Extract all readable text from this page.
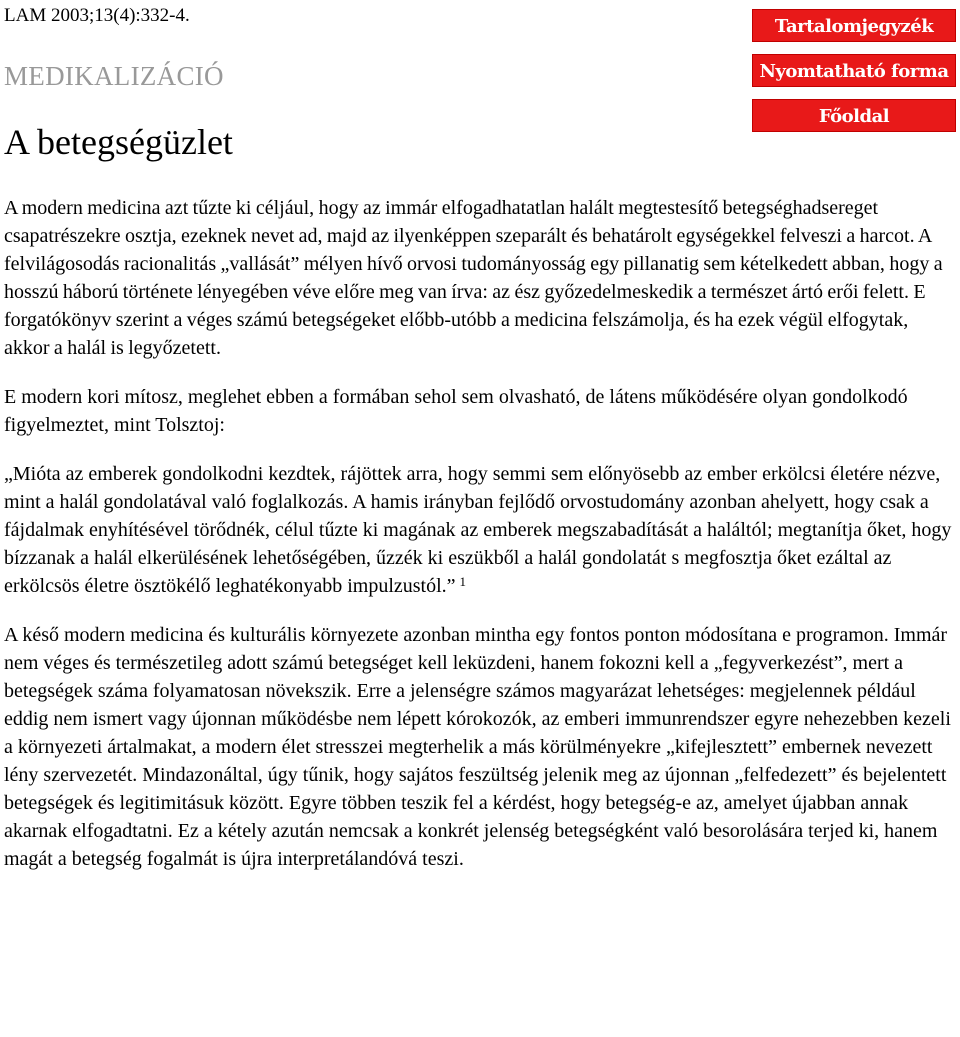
LAM 2003;13(4):332-4.
MEDIKALIZÁCIÓ
A betegségüzlet
Tartalomjegyzék
Nyomtatható forma
Főoldal

A modern medicina azt tűzte ki céljául, hogy az immár elfogadhatatlan halált megtestesítő betegséghadsereget csapatrészekre osztja, ezeknek nevet ad, majd az ilyenképpen szeparált és behatárolt egységekkel felveszi a harcot. A felvilágosodás racionalitás „vallását” mélyen hívő orvosi tudományosság egy pillanatig sem kételkedett abban, hogy a hosszú háború története lényegében véve előre meg van írva: az ész győzedelmeskedik a természet ártó erői felett. E forgatókönyv szerint a véges számú betegségeket előbb-utóbb a medicina felszámolja, és ha ezek végül elfogytak, akkor a halál is legyőzetett.

E modern kori mítosz, meglehet ebben a formában sehol sem olvasható, de látens működésére olyan gondolkodó figyelmeztet, mint Tolsztoj:

„Mióta az emberek gondolkodni kezdtek, rájöttek arra, hogy semmi sem előnyösebb az ember erkölcsi életére nézve, mint a halál gondolatával való foglalkozás. A hamis irányban fejlődő orvostudomány azonban ahelyett, hogy csak a fájdalmak enyhítésével törődnék, célul tűzte ki magának az emberek megszabadítását a haláltól; megtanítja őket, hogy bízzanak a halál elkerülésének lehetőségében, űzzék ki eszükből a halál gondolatát s megfosztja őket ezáltal az erkölcsös életre ösztökélő leghatékonyabb impulzustól.” $^1$

A késő modern medicina és kulturális környezete azonban mintha egy fontos ponton módosítana e programon. Immár nem véges és természetileg adott számú betegséget kell leküzdeni, hanem fokozni kell a „fegyverkezést”, mert a betegségek száma folyamatosan növekszik. Erre a jelenségre számos magyarázat lehetséges: megjelennek például eddig nem ismert vagy újonnan működésbe nem lépett kórokozók, az emberi immunrendszer egyre nehezebben kezeli a környezeti ártalmakat, a modern élet stresszei megterhelik a más körülményekre „kifejlesztett” embernek nevezett lény szervezetét. Mindazonáltal, úgy tűnik, hogy sajátos feszültség jelenik meg az újonnan „felfedezett” és bejelentett betegségek és legitimitásuk között. Egyre többen teszik fel a kérdést, hogy betegség-e az, amelyet újabban annak akarnak elfogadtatni. Ez a kétely azután nemcsak a konkrét jelenség betegségként való besorolására terjed ki, hanem magát a betegség fogalmát is újra interpretálandóvá teszi.
